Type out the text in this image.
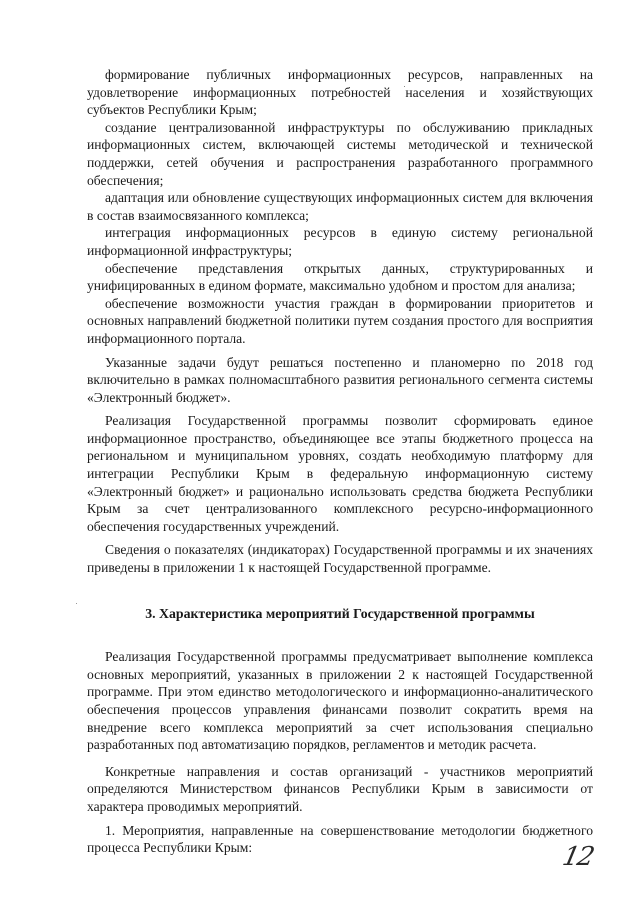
формирование публичных информационных ресурсов, направленных на удовлетворение информационных потребностей населения и хозяйствующих субъектов Республики Крым;

создание централизованной инфраструктуры по обслуживанию прикладных информационных систем, включающей системы методической и технической поддержки, сетей обучения и распространения разработанного программного обеспечения;

адаптация или обновление существующих информационных систем для включения в состав взаимосвязанного комплекса;

интеграция информационных ресурсов в единую систему региональной информационной инфраструктуры;

обеспечение представления открытых данных, структурированных и унифицированных в едином формате, максимально удобном и простом для анализа;

обеспечение возможности участия граждан в формировании приоритетов и основных направлений бюджетной политики путем создания простого для восприятия информационного портала.

Указанные задачи будут решаться постепенно и планомерно по 2018 год включительно в рамках полномасштабного развития регионального сегмента системы «Электронный бюджет».

Реализация Государственной программы позволит сформировать единое информационное пространство, объединяющее все этапы бюджетного процесса на региональном и муниципальном уровнях, создать необходимую платформу для интеграции Республики Крым в федеральную информационную систему «Электронный бюджет» и рационально использовать средства бюджета Республики Крым за счет централизованного комплексного ресурсно-информационного обеспечения государственных учреждений.

Сведения о показателях (индикаторах) Государственной программы и их значениях приведены в приложении 1 к настоящей Государственной программе.

3. Характеристика мероприятий Государственной программы

Реализация Государственной программы предусматривает выполнение комплекса основных мероприятий, указанных в приложении 2 к настоящей Государственной программе. При этом единство методологического и информационно-аналитического обеспечения процессов управления финансами позволит сократить время на внедрение всего комплекса мероприятий за счет использования специально разработанных под автоматизацию порядков, регламентов и методик расчета.

Конкретные направления и состав организаций - участников мероприятий определяются Министерством финансов Республики Крым в зависимости от характера проводимых мероприятий.

1. Мероприятия, направленные на совершенствование методологии бюджетного процесса Республики Крым:	12
